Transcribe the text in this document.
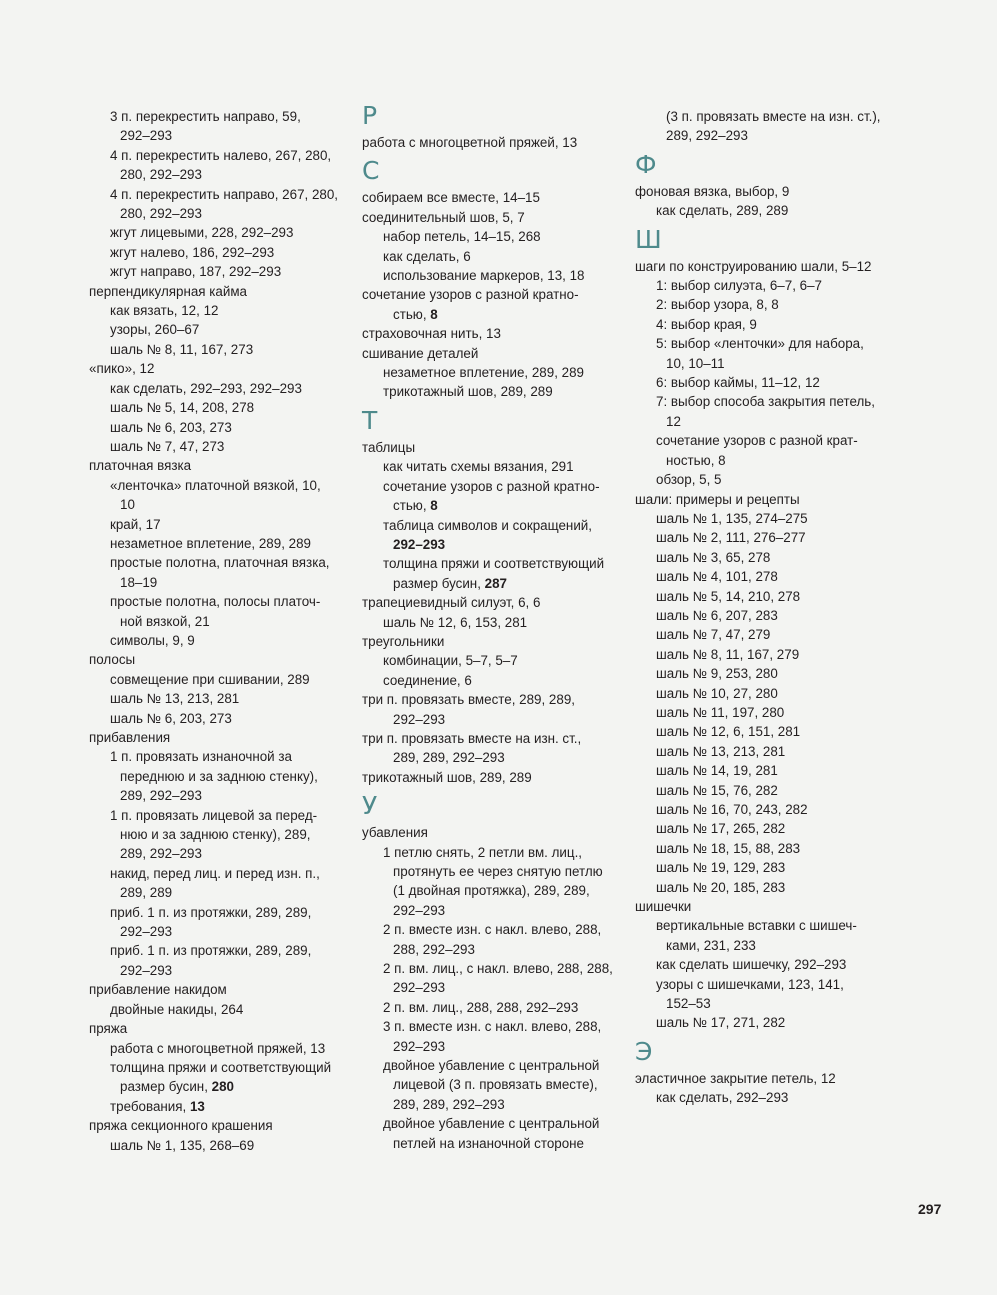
3 п. перекрестить направо, 59,
292–293
4 п. перекрестить налево, 267, 280,
280, 292–293
4 п. перекрестить направо, 267, 280,
280, 292–293
жгут лицевыми, 228, 292–293
жгут налево, 186, 292–293
жгут направо, 187, 292–293
перпендикулярная кайма
как вязать, 12, 12
узоры, 260–67
шаль № 8, 11, 167, 273
«пико», 12
как сделать, 292–293, 292–293
шаль № 5, 14, 208, 278
шаль № 6, 203, 273
шаль № 7, 47, 273
платочная вязка
«ленточка» платочной вязкой, 10,
10
край, 17
незаметное вплетение, 289, 289
простые полотна, платочная вязка,
18–19
простые полотна, полосы платоч-
ной вязкой, 21
символы, 9, 9
полосы
совмещение при сшивании, 289
шаль № 13, 213, 281
шаль № 6, 203, 273
прибавления
1 п. провязать изнаночной за
переднюю и за заднюю стенку),
289, 292–293
1 п. провязать лицевой за перед-
нюю и за заднюю стенку), 289,
289, 292–293
накид, перед лиц. и перед изн. п.,
289, 289
приб. 1 п. из протяжки, 289, 289,
292–293
приб. 1 п. из протяжки, 289, 289,
292–293
прибавление накидом
двойные накиды, 264
пряжа
работа с многоцветной пряжей, 13
толщина пряжи и соответствующий
размер бусин, 280
требования, 13
пряжа секционного крашения
шаль № 1, 135, 268–69
Р
работа с многоцветной пряжей, 13
С
собираем все вместе, 14–15
соединительный шов, 5, 7
набор петель, 14–15, 268
как сделать, 6
использование маркеров, 13, 18
сочетание узоров с разной кратно-
стью, 8
страховочная нить, 13
сшивание деталей
незаметное вплетение, 289, 289
трикотажный шов, 289, 289
Т
таблицы
как читать схемы вязания, 291
сочетание узоров с разной кратно-
стью, 8
таблица символов и сокращений,
292–293
толщина пряжи и соответствующий
размер бусин, 287
трапециевидный силуэт, 6, 6
шаль № 12, 6, 153, 281
треугольники
комбинации, 5–7, 5–7
соединение, 6
три п. провязать вместе, 289, 289,
292–293
три п. провязать вместе на изн. ст.,
289, 289, 292–293
трикотажный шов, 289, 289
У
убавления
1 петлю снять, 2 петли вм. лиц.,
протянуть ее через снятую петлю
(1 двойная протяжка), 289, 289,
292–293
2 п. вместе изн. с накл. влево, 288,
288, 292–293
2 п. вм. лиц., с накл. влево, 288, 288,
292–293
2 п. вм. лиц., 288, 288, 292–293
3 п. вместе изн. с накл. влево, 288,
292–293
двойное убавление с центральной
лицевой (3 п. провязать вместе),
289, 289, 292–293
двойное убавление с центральной
петлей на изнаночной стороне
(3 п. провязать вместе на изн. ст.),
289, 292–293
Ф
фоновая вязка, выбор, 9
как сделать, 289, 289
Ш
шаги по конструированию шали, 5–12
1: выбор силуэта, 6–7, 6–7
2: выбор узора, 8, 8
4: выбор края, 9
5: выбор «ленточки» для набора,
10, 10–11
6: выбор каймы, 11–12, 12
7: выбор способа закрытия петель,
12
сочетание узоров с разной крат-
ностью, 8
обзор, 5, 5
шали: примеры и рецепты
шаль № 1, 135, 274–275
шаль № 2, 111, 276–277
шаль № 3, 65, 278
шаль № 4, 101, 278
шаль № 5, 14, 210, 278
шаль № 6, 207, 283
шаль № 7, 47, 279
шаль № 8, 11, 167, 279
шаль № 9, 253, 280
шаль № 10, 27, 280
шаль № 11, 197, 280
шаль № 12, 6, 151, 281
шаль № 13, 213, 281
шаль № 14, 19, 281
шаль № 15, 76, 282
шаль № 16, 70, 243, 282
шаль № 17, 265, 282
шаль № 18, 15, 88, 283
шаль № 19, 129, 283
шаль № 20, 185, 283
шишечки
вертикальные вставки с шишеч-
ками, 231, 233
как сделать шишечку, 292–293
узоры с шишечками, 123, 141,
152–53
шаль № 17, 271, 282
Э
эластичное закрытие петель, 12
как сделать, 292–293
297
